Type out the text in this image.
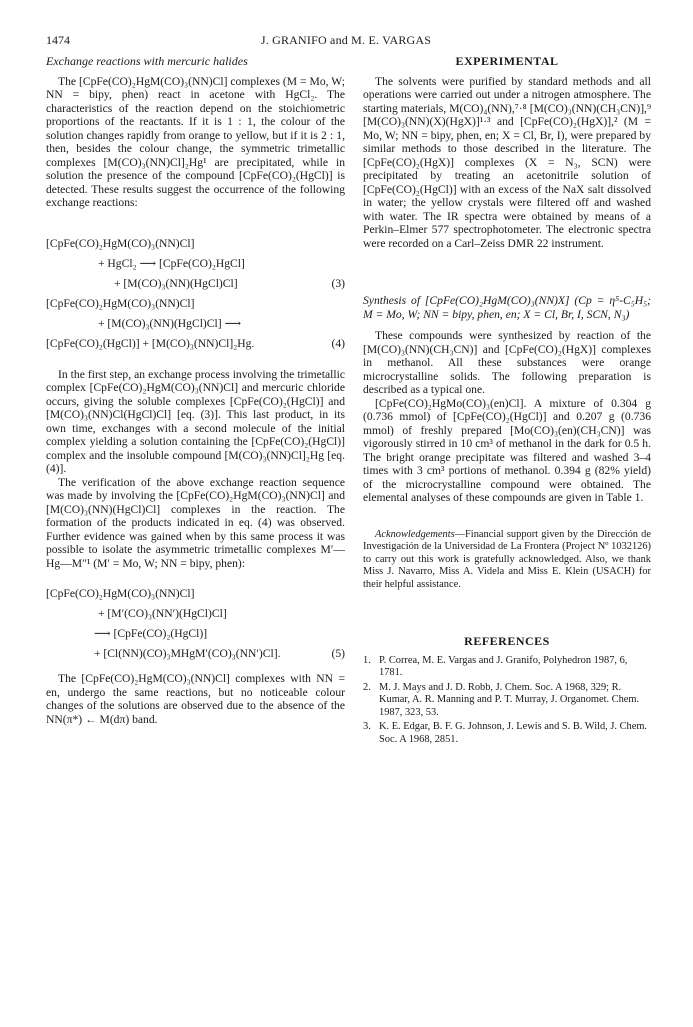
1474	J. GRANIFO and M. E. VARGAS
Exchange reactions with mercuric halides

The [CpFe(CO)₂HgM(CO)₃(NN)Cl] complexes (M = Mo, W; NN = bipy, phen) react in acetone with HgCl₂. The characteristics of the reaction depend on the stoichiometric proportions of the reactants. If it is 1 : 1, the colour of the solution changes rapidly from orange to yellow, but if it is 2 : 1, then, besides the colour change, the symmetric trimetallic complexes [M(CO)₃(NN)Cl]₂Hg¹ are precipitated, while in solution the presence of the compound [CpFe(CO)₂(HgCl)] is detected. These results suggest the occurrence of the following exchange reactions:

[CpFe(CO)₂HgM(CO)₃(NN)Cl]
+ HgCl₂ ⟶ [CpFe(CO)₂HgCl]
+ [M(CO)₃(NN)(HgCl)Cl]	(3)
[CpFe(CO)₂HgM(CO)₃(NN)Cl]
+ [M(CO)₃(NN)(HgCl)Cl] ⟶
[CpFe(CO)₂(HgCl)] + [M(CO)₃(NN)Cl]₂Hg.	(4)

In the first step, an exchange process involving the trimetallic complex [CpFe(CO)₂HgM(CO)₃(NN)Cl] and mercuric chloride occurs, giving the soluble complexes [CpFe(CO)₂(HgCl)] and [M(CO)₃(NN)Cl(HgCl)Cl] [eq. (3)]. This last product, in its own time, exchanges with a second molecule of the initial complex yielding a solution containing the [CpFe(CO)₂(HgCl)] complex and the insoluble compound [M(CO)₃(NN)Cl]₂Hg [eq. (4)].

The verification of the above exchange reaction sequence was made by involving the [CpFe(CO)₂HgM(CO)₃(NN)Cl] and [M(CO)₃(NN)(HgCl)Cl] complexes in the reaction. The formation of the products indicated in eq. (4) was observed. Further evidence was gained when by this same process it was possible to isolate the asymmetric trimetallic complexes M′—Hg—M″¹ (M′ = Mo, W; NN = bipy, phen):

[CpFe(CO)₂HgM(CO)₃(NN)Cl]
+ [M′(CO)₃(NN′)(HgCl)Cl]
⟶ [CpFe(CO)₂(HgCl)]
+ [Cl(NN)(CO)₃MHgM′(CO)₃(NN′)Cl].	(5)

The [CpFe(CO)₂HgM(CO)₃(NN)Cl] complexes with NN = en, undergo the same reactions, but no noticeable colour changes of the solutions are observed due to the absence of the NN(π*) ← M(dπ) band.

EXPERIMENTAL

The solvents were purified by standard methods and all operations were carried out under a nitrogen atmosphere. The starting materials, M(CO)₄(NN),⁷·⁸ [M(CO)₃(NN)(CH₃CN)],⁹ [M(CO)₃(NN)(X)(HgX)]¹·³ and [CpFe(CO)₂(HgX)],² (M = Mo, W; NN = bipy, phen, en; X = Cl, Br, I), were prepared by similar methods to those described in the literature. The [CpFe(CO)₂(HgX)] complexes (X = N₃, SCN) were precipitated by treating an acetonitrile solution of [CpFe(CO)₂(HgCl)] with an excess of the NaX salt dissolved in water; the yellow crystals were filtered off and washed with water. The IR spectra were obtained by means of a Perkin–Elmer 577 spectrophotometer. The electronic spectra were recorded on a Carl–Zeiss DMR 22 instrument.

Synthesis of [CpFe(CO)₂HgM(CO)₃(NN)X] (Cp = η⁵-C₅H₅; M = Mo, W; NN = bipy, phen, en; X = Cl, Br, I, SCN, N₃)

These compounds were synthesized by reaction of the [M(CO)₃(NN)(CH₃CN)] and [CpFe(CO)₂(HgX)] complexes in methanol. All these substances were orange microcrystalline solids. The following preparation is described as a typical one.

[CpFe(CO)₂HgMo(CO)₃(en)Cl]. A mixture of 0.304 g (0.736 mmol) of [CpFe(CO)₂(HgCl)] and 0.207 g (0.736 mmol) of freshly prepared [Mo(CO)₃(en)(CH₃CN)] was vigorously stirred in 10 cm³ of methanol in the dark for 0.5 h. The bright orange precipitate was filtered and washed 3–4 times with 3 cm³ portions of methanol. 0.394 g (82% yield) of the microcrystalline compound were obtained. The elemental analyses of these compounds are given in Table 1.

Acknowledgements—Financial support given by the Dirección de Investigación de la Universidad de La Frontera (Project Nº 1032126) to carry out this work is gratefully acknowledged. Also, we thank Miss J. Navarro, Miss A. Videla and Miss E. Klein (USACH) for their helpful assistance.

REFERENCES
1. P. Correa, M. E. Vargas and J. Granifo, Polyhedron 1987, 6, 1781.
2. M. J. Mays and J. D. Robb, J. Chem. Soc. A 1968, 329; R. Kumar, A. R. Manning and P. T. Murray, J. Organomet. Chem. 1987, 323, 53.
3. K. E. Edgar, B. F. G. Johnson, J. Lewis and S. B. Wild, J. Chem. Soc. A 1968, 2851.
